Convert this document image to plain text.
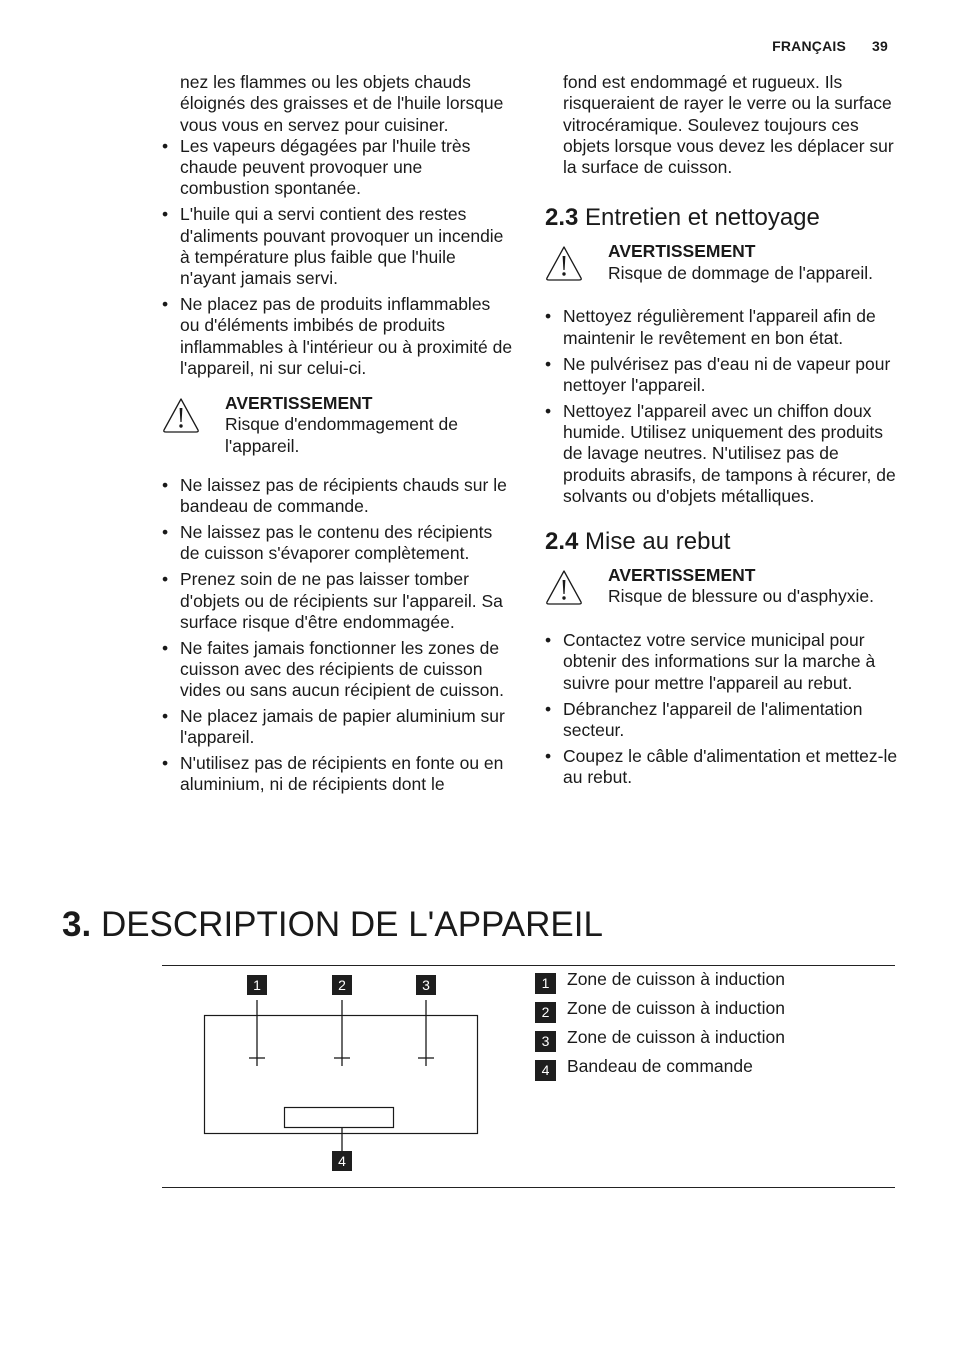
FRANÇAIS 39
nez les flammes ou les objets chauds éloignés des graisses et de l'huile lorsque vous vous en servez pour cuisiner.
• Les vapeurs dégagées par l'huile très chaude peuvent provoquer une combustion spontanée.
• L'huile qui a servi contient des restes d'aliments pouvant provoquer un incendie à température plus faible que l'huile n'ayant jamais servi.
• Ne placez pas de produits inflammables ou d'éléments imbibés de produits inflammables à l'intérieur ou à proximité de l'appareil, ni sur celui-ci.
AVERTISSEMENT
Risque d'endommagement de l'appareil.
• Ne laissez pas de récipients chauds sur le bandeau de commande.
• Ne laissez pas le contenu des récipients de cuisson s'évaporer complètement.
• Prenez soin de ne pas laisser tomber d'objets ou de récipients sur l'appareil. Sa surface risque d'être endommagée.
• Ne faites jamais fonctionner les zones de cuisson avec des récipients de cuisson vides ou sans aucun récipient de cuisson.
• Ne placez jamais de papier aluminium sur l'appareil.
• N'utilisez pas de récipients en fonte ou en aluminium, ni de récipients dont le
fond est endommagé et rugueux. Ils risqueraient de rayer le verre ou la surface vitrocéramique. Soulevez toujours ces objets lorsque vous devez les déplacer sur la surface de cuisson.
2.3 Entretien et nettoyage
AVERTISSEMENT
Risque de dommage de l'appareil.
• Nettoyez régulièrement l'appareil afin de maintenir le revêtement en bon état.
• Ne pulvérisez pas d'eau ni de vapeur pour nettoyer l'appareil.
• Nettoyez l'appareil avec un chiffon doux humide. Utilisez uniquement des produits de lavage neutres. N'utilisez pas de produits abrasifs, de tampons à récurer, de solvants ou d'objets métalliques.
2.4 Mise au rebut
AVERTISSEMENT
Risque de blessure ou d'asphyxie.
• Contactez votre service municipal pour obtenir des informations sur la marche à suivre pour mettre l'appareil au rebut.
• Débranchez l'appareil de l'alimentation secteur.
• Coupez le câble d'alimentation et mettez-le au rebut.
3. DESCRIPTION DE L'APPAREIL
1	2	3
4
1	Zone de cuisson à induction
2	Zone de cuisson à induction
3	Zone de cuisson à induction
4	Bandeau de commande
